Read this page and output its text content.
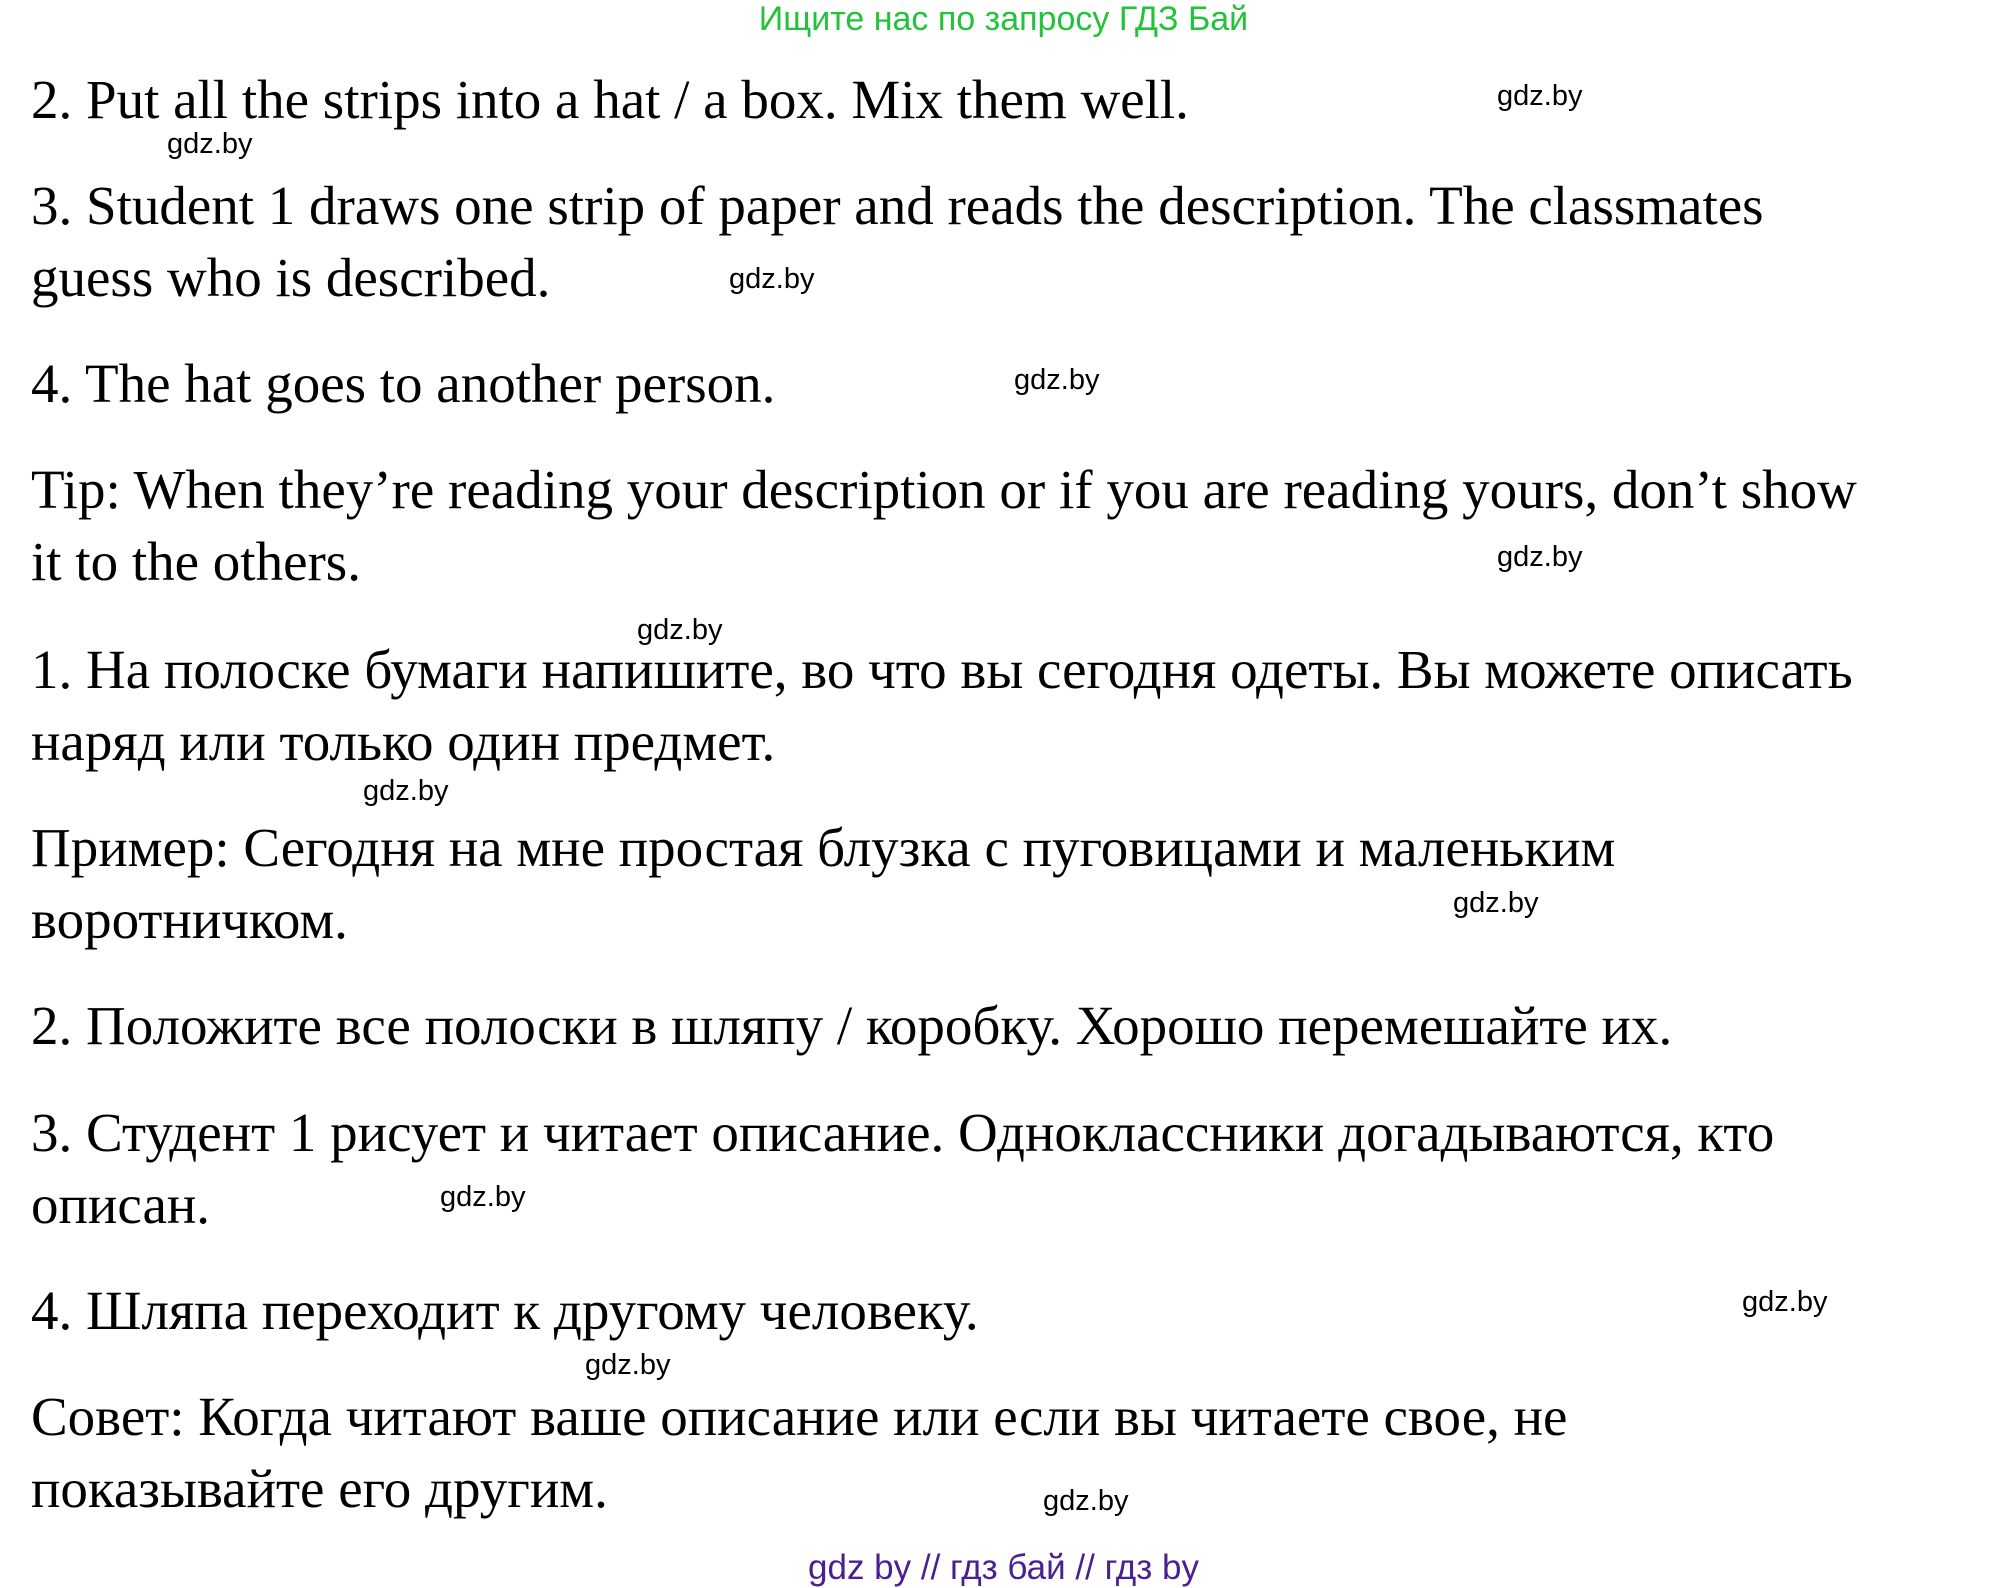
Ищите нас по запросу ГДЗ Бай
2. Put all the strips into a hat / a box. Mix them well.
3. Student 1 draws one strip of paper and reads the description. The classmates
guess who is described.
4. The hat goes to another person.
Tip: When they’re reading your description or if you are reading yours, don’t show
it to the others.
1. На полоске бумаги напишите, во что вы сегодня одеты. Вы можете описать
наряд или только один предмет.
Пример: Сегодня на мне простая блузка с пуговицами и маленьким
воротничком.
2. Положите все полоски в шляпу / коробку. Хорошо перемешайте их.
3. Студент 1 рисует и читает описание. Одноклассники догадываются, кто
описан.
4. Шляпа переходит к другому человеку.
Совет: Когда читают ваше описание или если вы читаете свое, не
показывайте его другим.
gdz.by
gdz.by
gdz.by
gdz.by
gdz.by
gdz.by
gdz.by
gdz.by
gdz.by
gdz.by
gdz.by
gdz.by
gdz by // гдз бай // гдз by
